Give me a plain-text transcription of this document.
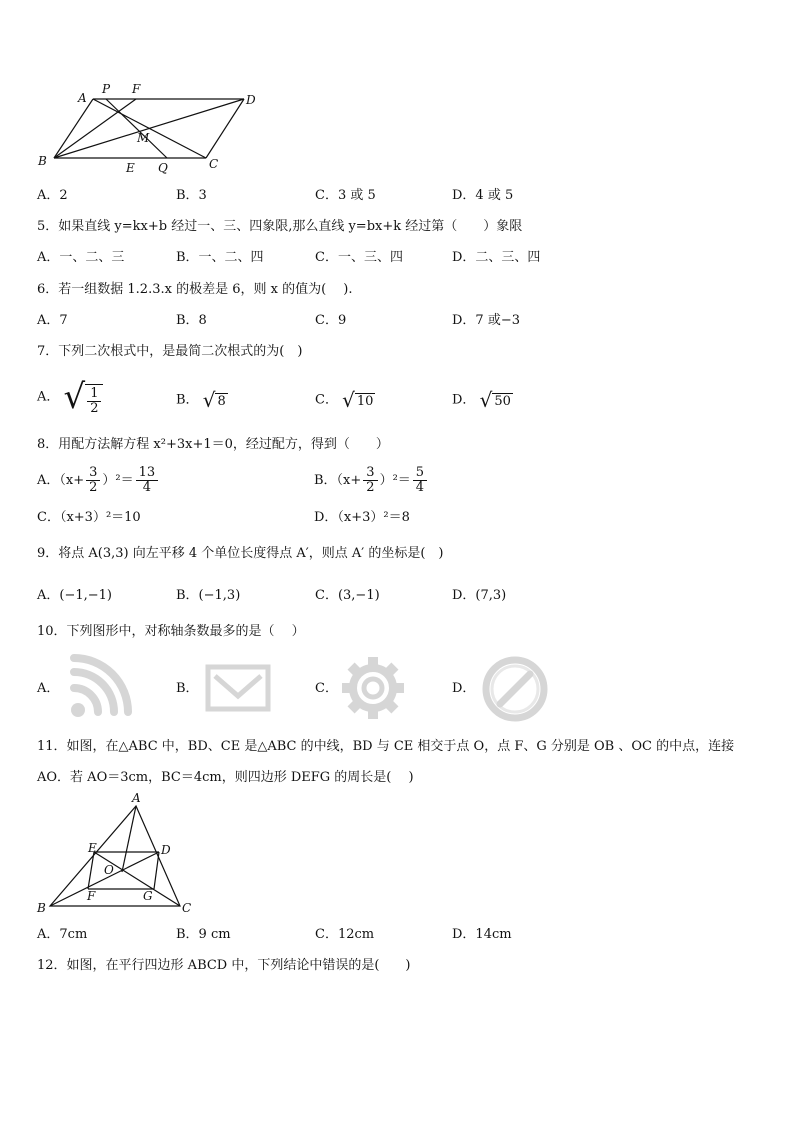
A
P F
D
M
B	E Q	C
A．2	B．3	C．3 或 5	D．4 或 5
5．如果直线 y=kx+b 经过一、三、四象限,那么直线 y=bx+k 经过第（　　）象限
A．一、二、三	B．一、二、四	C．一、三、四	D．二、三、四
6．若一组数据 1.2.3.x 的极差是 6，则 x 的值为(　 ).
A．7	B．8	C．9	D．7 或−3
7．下列二次根式中，是最简二次根式的为(　)
A． √ $\frac{1}{2}$	B． √ 8	C． √ 10	D． √ 50
8．用配方法解方程 x²+3x+1＝0，经过配方，得到（　　）
A．$(x+ \frac{3}{2} )^2= \frac{13}{4}$	B．$(x+ \frac{3}{2} )^2= \frac{5}{4}$
C．（x+3）²＝10	D．（x+3）²＝8
9．将点 A(3,3) 向左平移 4 个单位长度得点 A′，则点 A′ 的坐标是(　)
A．(−1,−1)	B．(−1,3)	C．(3,−1)	D．(7,3)
10．下列图形中，对称轴条数最多的是（　 ）
A．	B．	C．	D．
11．如图，在△ABC 中，BD、CE 是△ABC 的中线，BD 与 CE 相交于点 O，点 F、G 分别是 OB 、OC 的中点，连接
AO．若 AO＝3cm，BC＝4cm，则四边形 DEFG 的周长是(　 )
A
E	D
O
B
F	G
C
A．7cm	B．9 cm	C．12cm	D．14cm
12．如图，在平行四边形 ABCD 中，下列结论中错误的是(　　)
